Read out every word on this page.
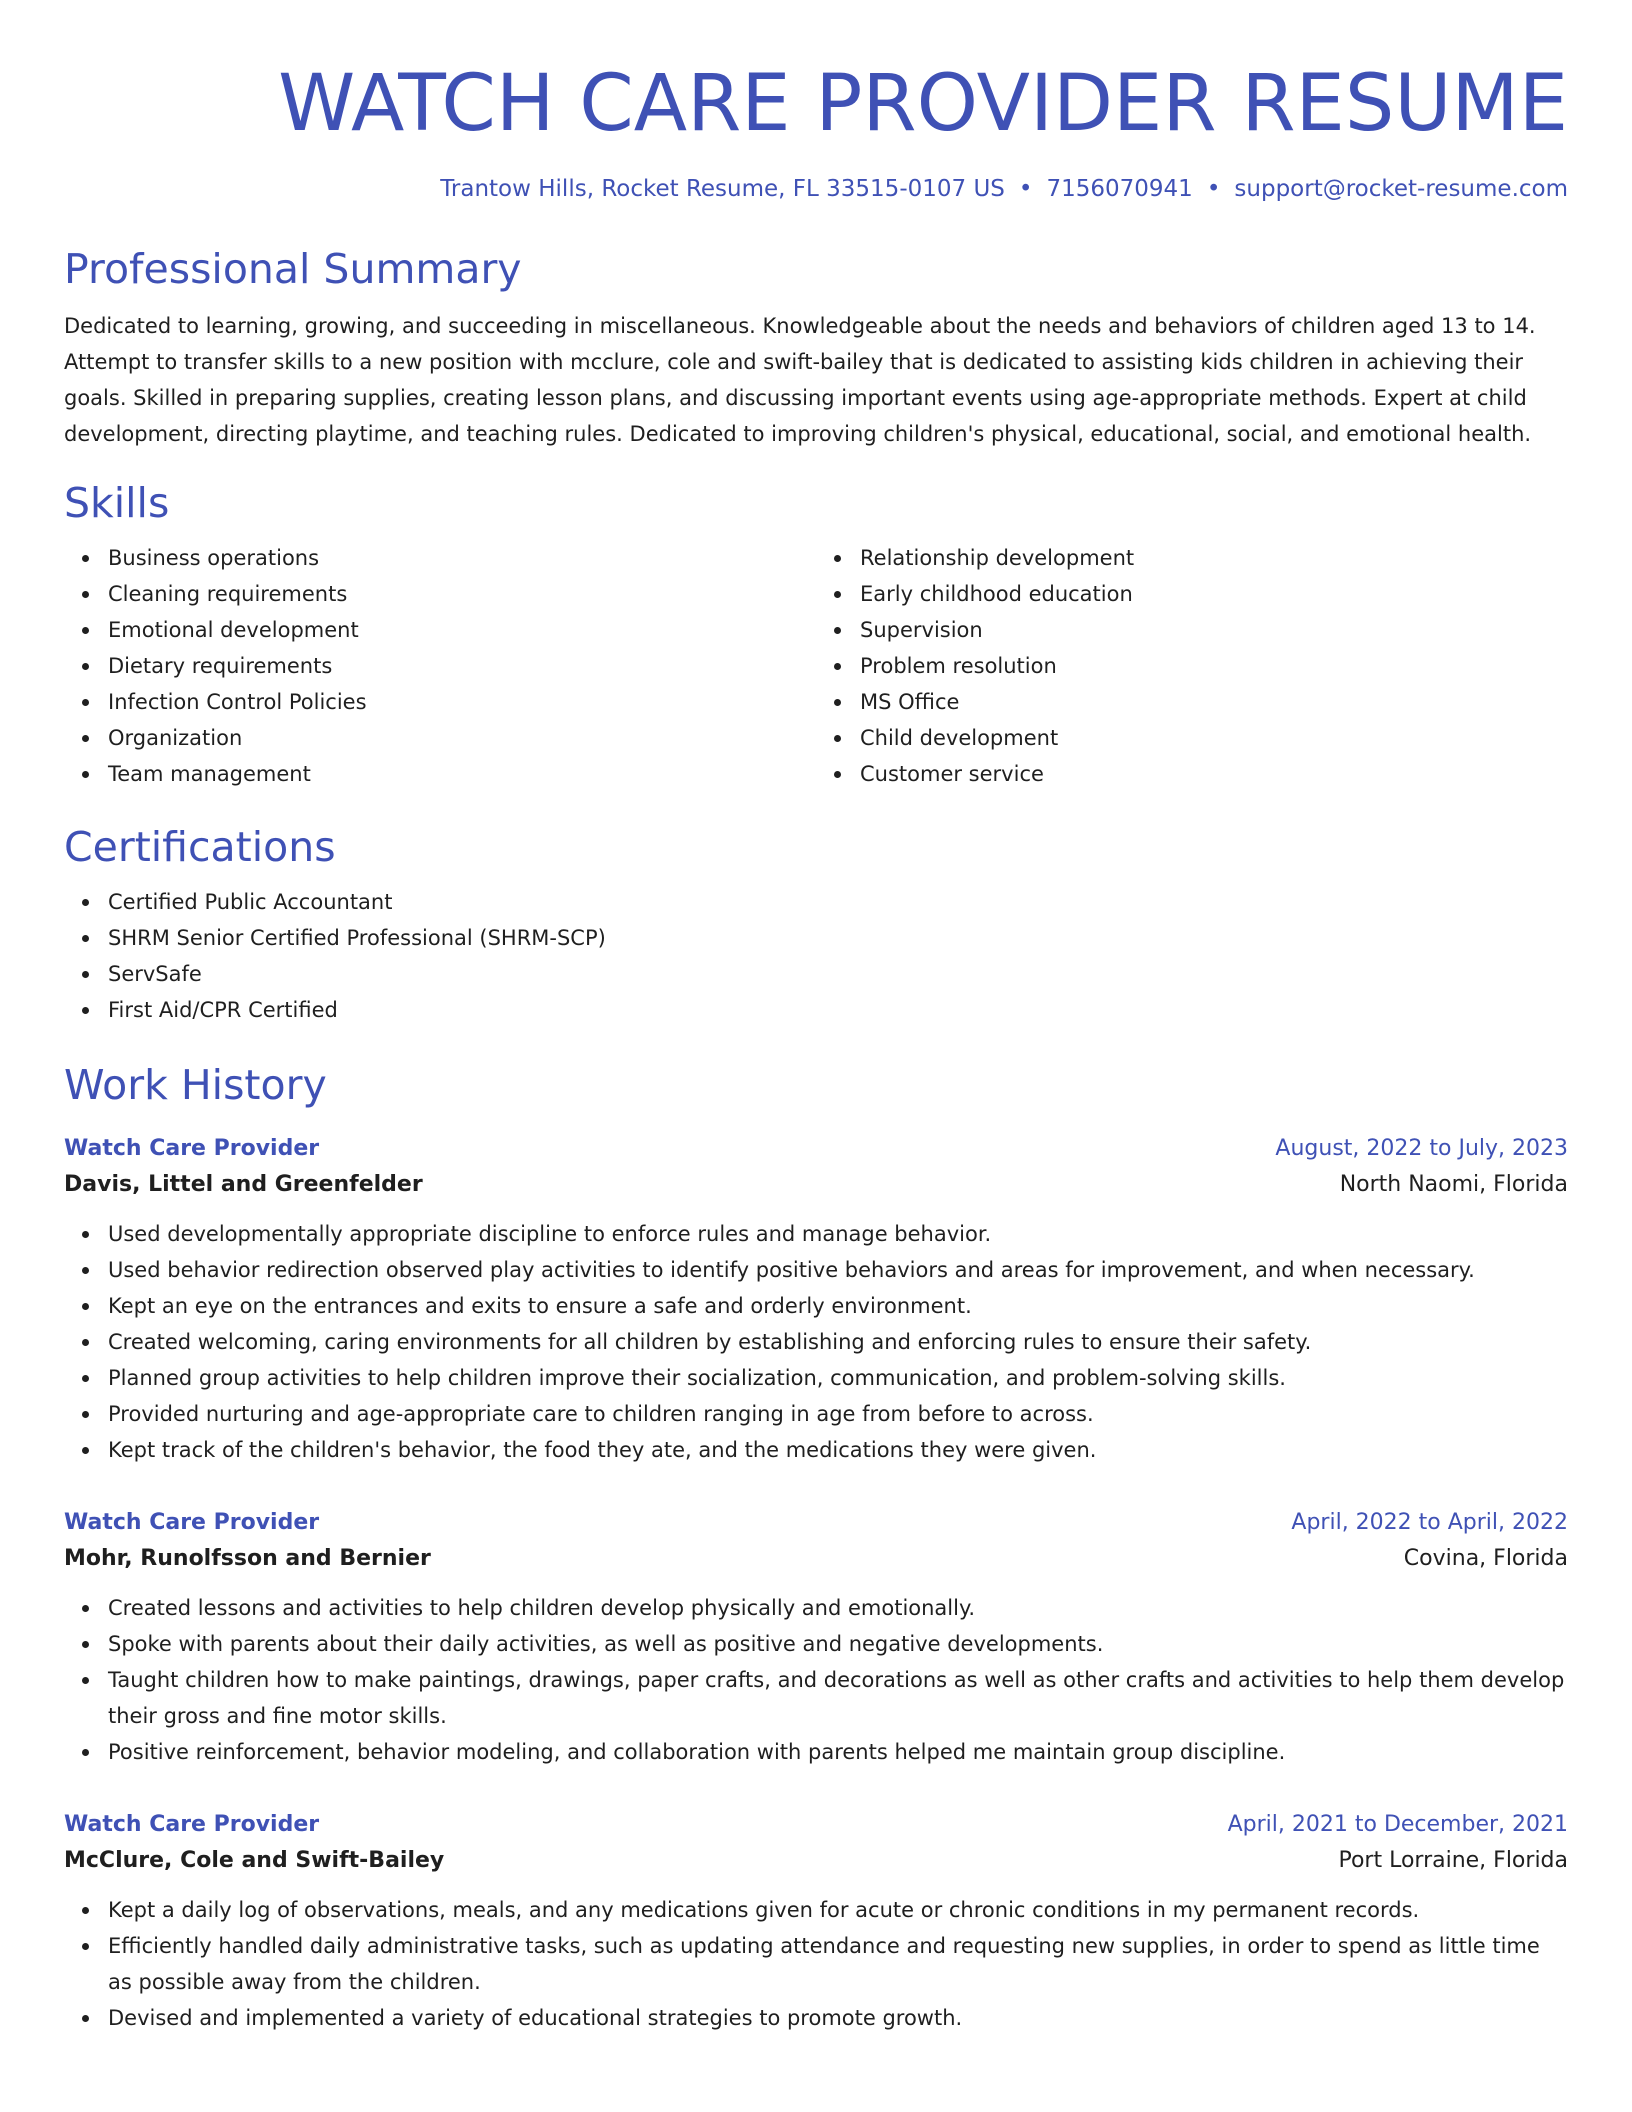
WATCH CARE PROVIDER RESUME
Trantow Hills, Rocket Resume, FL 33515-0107 US • 7156070941 • support@rocket-resume.com
Professional Summary

Dedicated to learning, growing, and succeeding in miscellaneous. Knowledgeable about the needs and behaviors of children aged 13 to 14. Attempt to transfer skills to a new position with mcclure, cole and swift-bailey that is dedicated to assisting kids children in achieving their goals. Skilled in preparing supplies, creating lesson plans, and discussing important events using age-appropriate methods. Expert at child development, directing playtime, and teaching rules. Dedicated to improving children's physical, educational, social, and emotional health.

Skills
Business operations
Cleaning requirements
Emotional development
Dietary requirements
Infection Control Policies
Organization
Team management
Relationship development
Early childhood education
Supervision
Problem resolution
MS Office
Child development
Customer service
Certifications
Certified Public Accountant
SHRM Senior Certified Professional (SHRM-SCP)
ServSafe
First Aid/CPR Certified
Work History
Watch Care Provider	August, 2022 to July, 2023
Davis, Littel and Greenfelder	North Naomi, Florida
Used developmentally appropriate discipline to enforce rules and manage behavior.
Used behavior redirection observed play activities to identify positive behaviors and areas for improvement, and when necessary.
Kept an eye on the entrances and exits to ensure a safe and orderly environment.
Created welcoming, caring environments for all children by establishing and enforcing rules to ensure their safety.
Planned group activities to help children improve their socialization, communication, and problem-solving skills.
Provided nurturing and age-appropriate care to children ranging in age from before to across.
Kept track of the children's behavior, the food they ate, and the medications they were given.
Watch Care Provider	April, 2022 to April, 2022
Mohr, Runolfsson and Bernier	Covina, Florida
Created lessons and activities to help children develop physically and emotionally.
Spoke with parents about their daily activities, as well as positive and negative developments.
Taught children how to make paintings, drawings, paper crafts, and decorations as well as other crafts and activities to help them develop their gross and fine motor skills.
Positive reinforcement, behavior modeling, and collaboration with parents helped me maintain group discipline.
Watch Care Provider	April, 2021 to December, 2021
McClure, Cole and Swift-Bailey	Port Lorraine, Florida
Kept a daily log of observations, meals, and any medications given for acute or chronic conditions in my permanent records.
Efficiently handled daily administrative tasks, such as updating attendance and requesting new supplies, in order to spend as little time as possible away from the children.
Devised and implemented a variety of educational strategies to promote growth.
